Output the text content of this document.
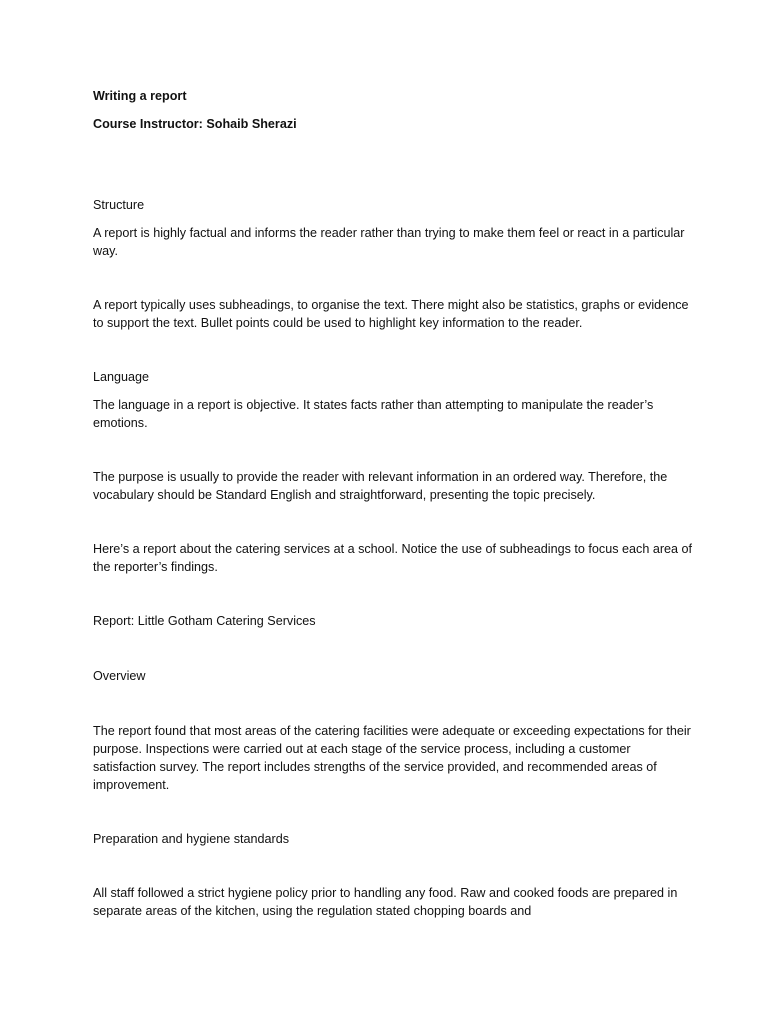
Writing a report

Course Instructor: Sohaib Sherazi

Structure

A report is highly factual and informs the reader rather than trying to make them feel or react in a particular way.

A report typically uses subheadings, to organise the text. There might also be statistics, graphs or evidence to support the text. Bullet points could be used to highlight key information to the reader.

Language

The language in a report is objective. It states facts rather than attempting to manipulate the reader’s emotions.

The purpose is usually to provide the reader with relevant information in an ordered way. Therefore, the vocabulary should be Standard English and straightforward, presenting the topic precisely.

Here’s a report about the catering services at a school. Notice the use of subheadings to focus each area of the reporter’s findings.

Report: Little Gotham Catering Services

Overview

The report found that most areas of the catering facilities were adequate or exceeding expectations for their purpose. Inspections were carried out at each stage of the service process, including a customer satisfaction survey. The report includes strengths of the service provided, and recommended areas of improvement.

Preparation and hygiene standards

All staff followed a strict hygiene policy prior to handling any food. Raw and cooked foods are prepared in separate areas of the kitchen, using the regulation stated chopping boards and
